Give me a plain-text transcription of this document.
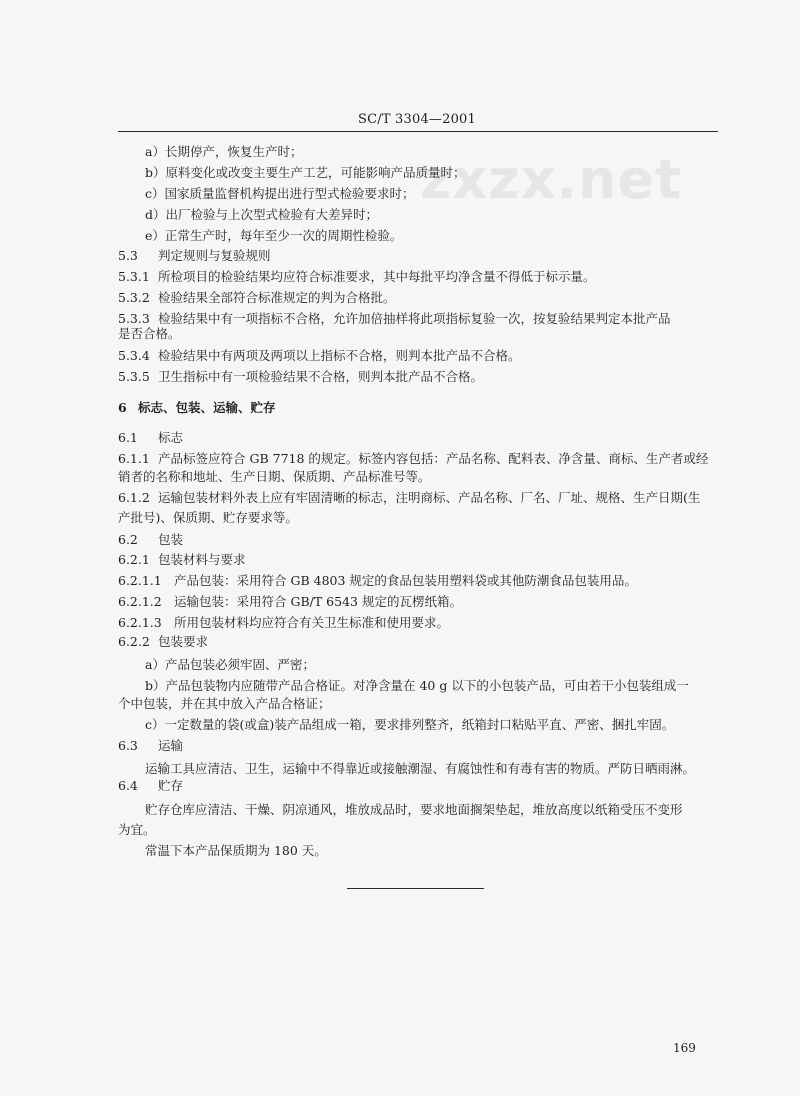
zxzx.net
SC/T 3304—2001
a）长期停产，恢复生产时；
b）原料变化或改变主要生产工艺，可能影响产品质量时；
c）国家质量监督机构提出进行型式检验要求时；
d）出厂检验与上次型式检验有大差异时；
e）正常生产时，每年至少一次的周期性检验。
5.3 判定规则与复验规则
5.3.1 所检项目的检验结果均应符合标准要求，其中每批平均净含量不得低于标示量。
5.3.2 检验结果全部符合标准规定的判为合格批。
5.3.3 检验结果中有一项指标不合格，允许加倍抽样将此项指标复验一次，按复验结果判定本批产品
是否合格。
5.3.4 检验结果中有两项及两项以上指标不合格，则判本批产品不合格。
5.3.5 卫生指标中有一项检验结果不合格，则判本批产品不合格。
6 标志、包装、运输、贮存
6.1 标志
6.1.1 产品标签应符合 GB 7718 的规定。标签内容包括：产品名称、配料表、净含量、商标、生产者或经
销者的名称和地址、生产日期、保质期、产品标准号等。
6.1.2 运输包装材料外表上应有牢固清晰的标志，注明商标、产品名称、厂名、厂址、规格、生产日期(生
产批号)、保质期、贮存要求等。
6.2 包装
6.2.1 包装材料与要求
6.2.1.1 产品包装：采用符合 GB 4803 规定的食品包装用塑料袋或其他防潮食品包装用品。
6.2.1.2 运输包装：采用符合 GB/T 6543 规定的瓦楞纸箱。
6.2.1.3 所用包装材料均应符合有关卫生标准和使用要求。
6.2.2 包装要求
a）产品包装必须牢固、严密；
b）产品包装物内应随带产品合格证。对净含量在 40 g 以下的小包装产品，可由若干小包装组成一
个中包装，并在其中放入产品合格证；
c）一定数量的袋(或盒)装产品组成一箱，要求排列整齐，纸箱封口粘贴平直、严密、捆扎牢固。
6.3 运输
运输工具应清洁、卫生，运输中不得靠近或接触潮湿、有腐蚀性和有毒有害的物质。严防日晒雨淋。
6.4 贮存
贮存仓库应清洁、干燥、阴凉通风，堆放成品时，要求地面搁架垫起，堆放高度以纸箱受压不变形
为宜。
常温下本产品保质期为 180 天。
169
